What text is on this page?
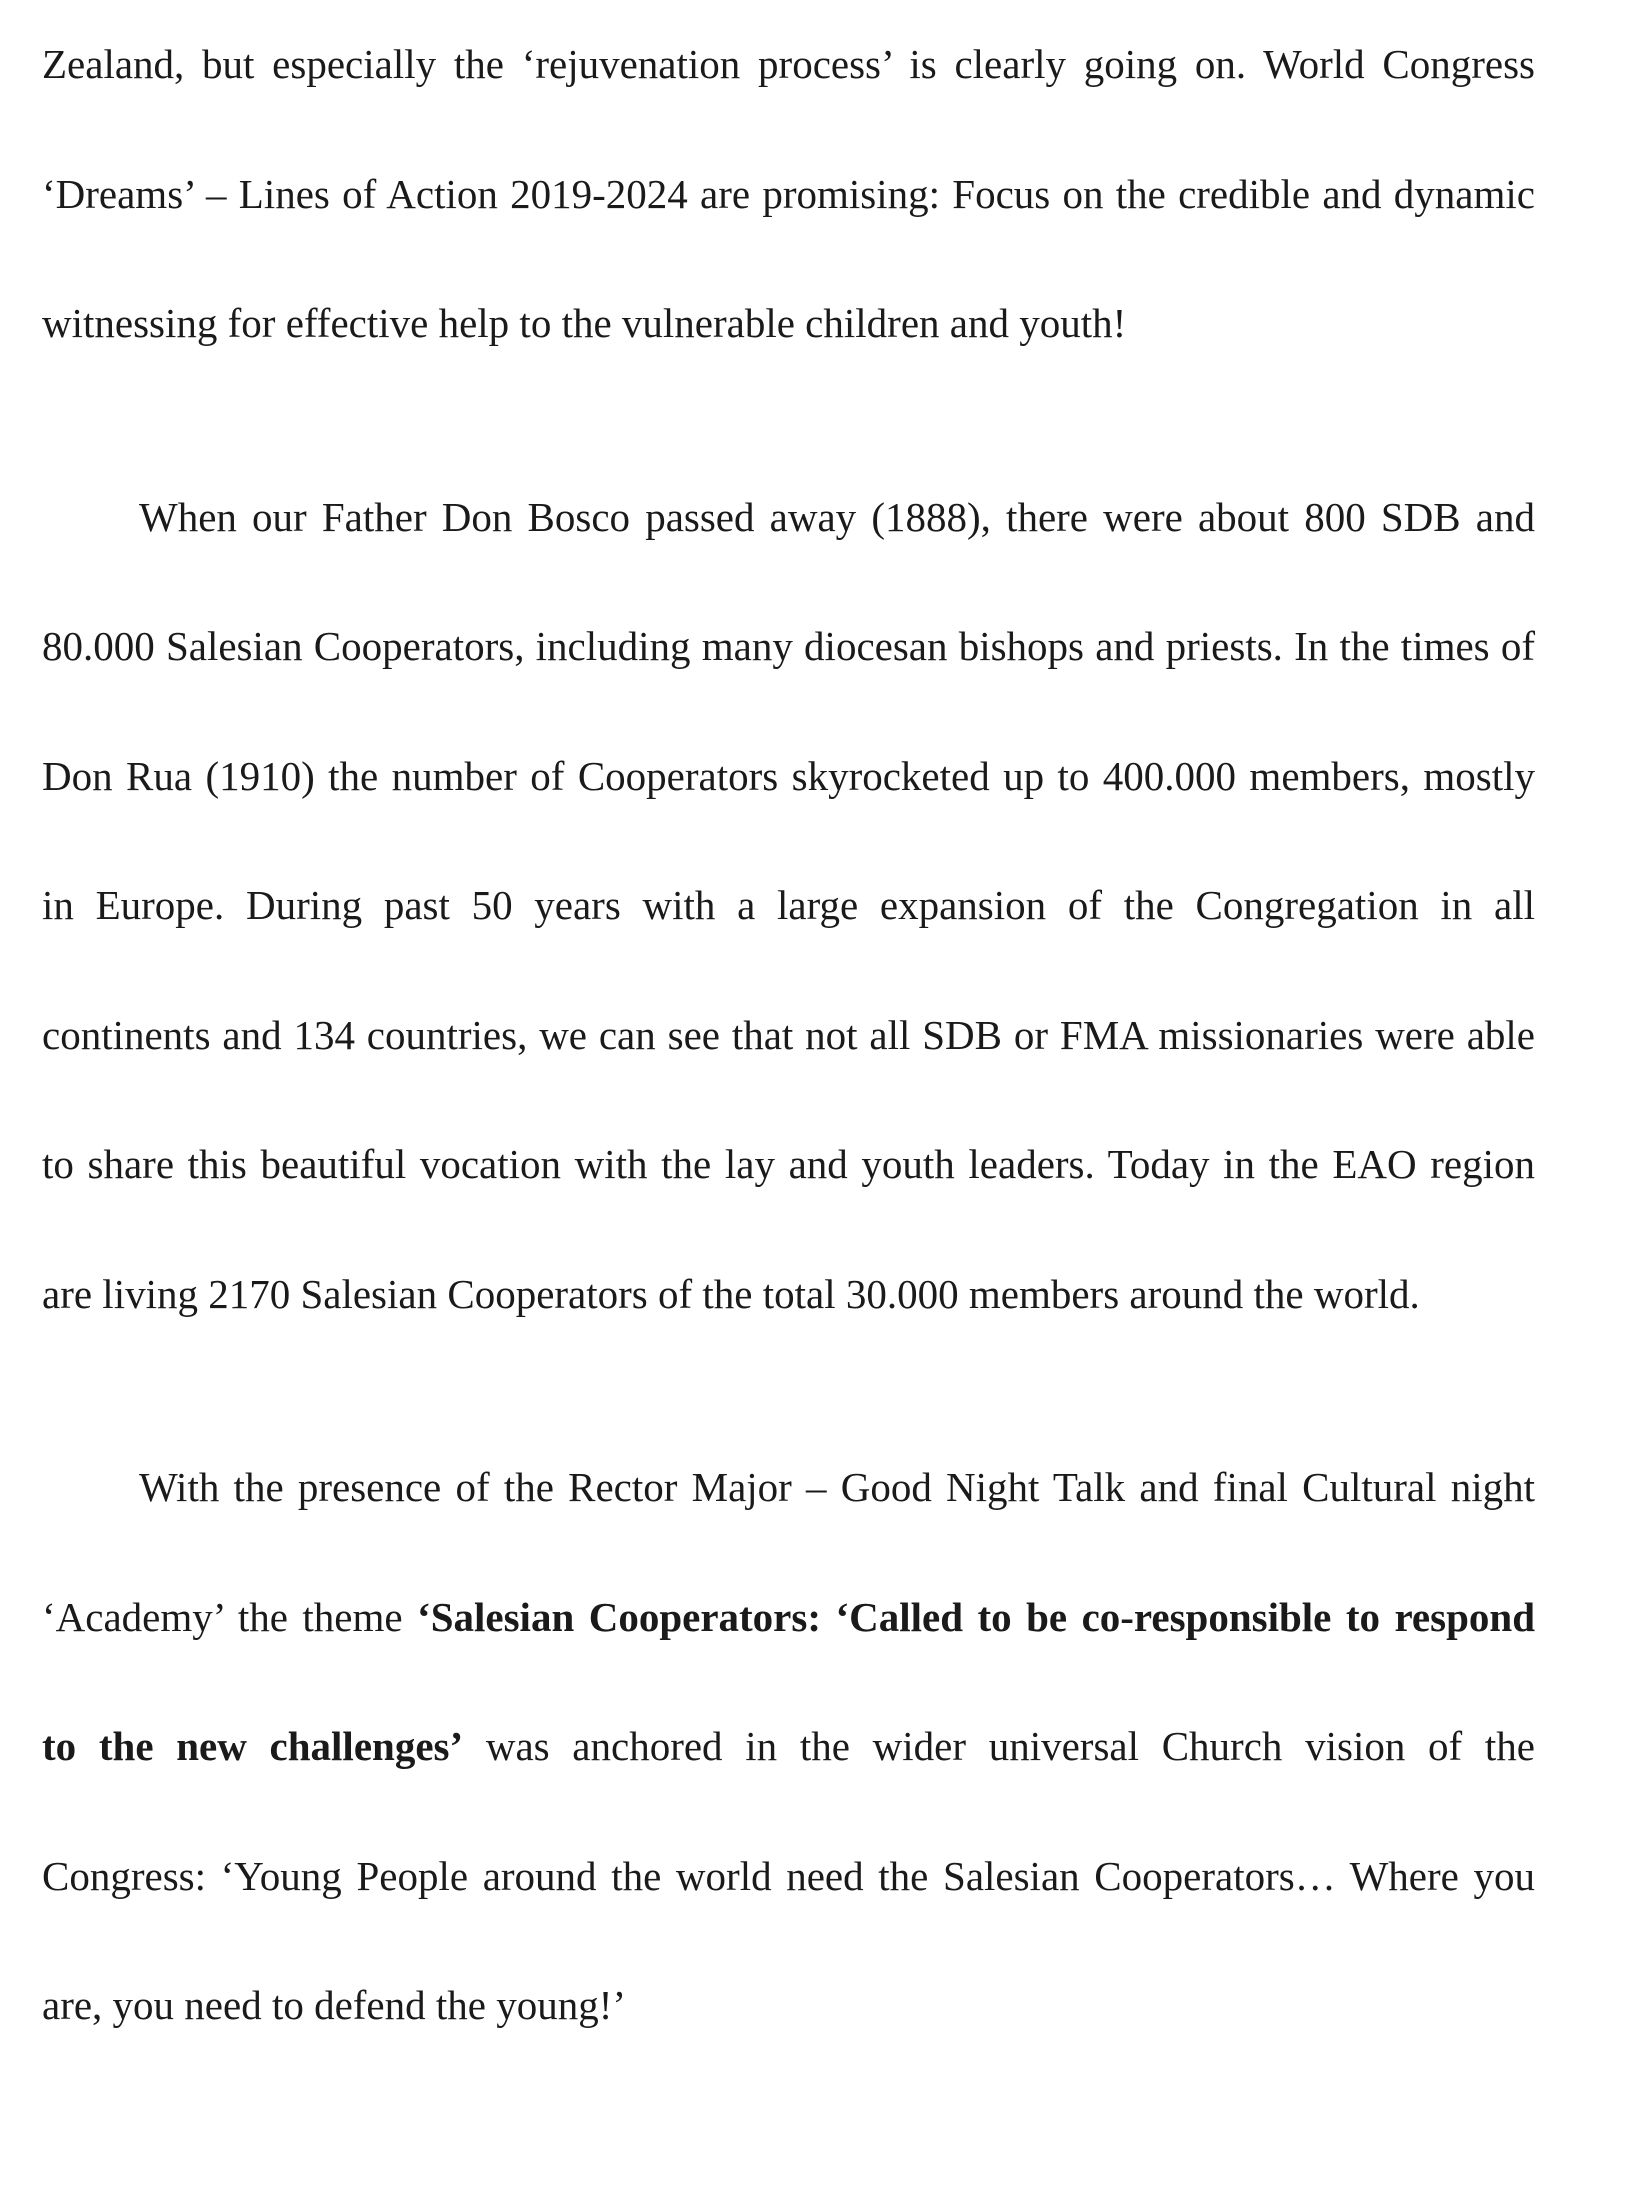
Zealand, but especially the ‘rejuvenation process’ is clearly going on. World Congress ‘Dreams’ – Lines of Action 2019-2024 are promising: Focus on the credible and dynamic witnessing for effective help to the vulnerable children and youth!

When our Father Don Bosco passed away (1888), there were about 800 SDB and 80.000 Salesian Cooperators, including many diocesan bishops and priests. In the times of Don Rua (1910) the number of Cooperators skyrocketed up to 400.000 members, mostly in Europe. During past 50 years with a large expansion of the Congregation in all continents and 134 countries, we can see that not all SDB or FMA missionaries were able to share this beautiful vocation with the lay and youth leaders. Today in the EAO region are living 2170 Salesian Cooperators of the total 30.000 members around the world.

With the presence of the Rector Major – Good Night Talk and final Cultural night ‘Academy’ the theme ‘Salesian Cooperators: ‘Called to be co-responsible to respond to the new challenges’ was anchored in the wider universal Church vision of the Congress: ‘Young People around the world need the Salesian Cooperators… Where you are, you need to defend the young!’
